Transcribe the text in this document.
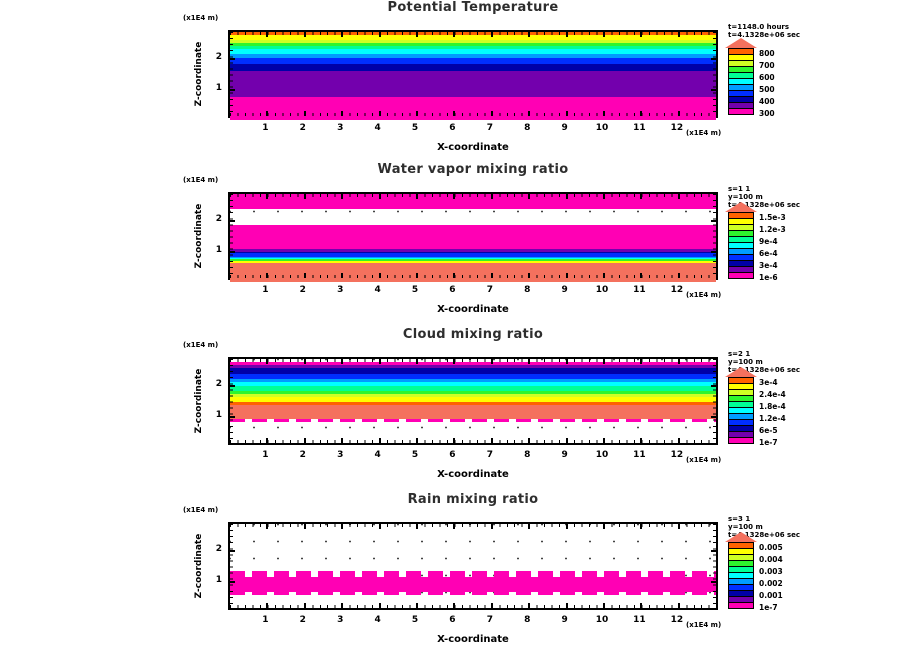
Potential Temperature
(x1E4 m)
Z-coordinate
(x1E4 m)
X-coordinate
t=1148.0 hours
t=4.1328e+06 sec
800
700
600
500
400
300
1	2	3	4	5	6	7	8	9	10	11	12
1
2
Water vapor mixing ratio
(x1E4 m)
Z-coordinate
(x1E4 m)
X-coordinate
s=1 1
y=100 m
t=4.1328e+06 sec
1.5e-3
1.2e-3
9e-4
6e-4
3e-4
1e-6
1	2	3	4	5	6	7	8	9	10	11	12
1
2
Cloud mixing ratio
(x1E4 m)
Z-coordinate
(x1E4 m)
X-coordinate
s=2 1
y=100 m
t=4.1328e+06 sec
3e-4
2.4e-4
1.8e-4
1.2e-4
6e-5
1e-7
1	2	3	4	5	6	7	8	9	10	11	12
1
2
Rain mixing ratio
(x1E4 m)
Z-coordinate
(x1E4 m)
X-coordinate
s=3 1
y=100 m
t=4.1328e+06 sec
0.005
0.004
0.003
0.002
0.001
1e-7
1	2	3	4	5	6	7	8	9	10	11	12
1
2
